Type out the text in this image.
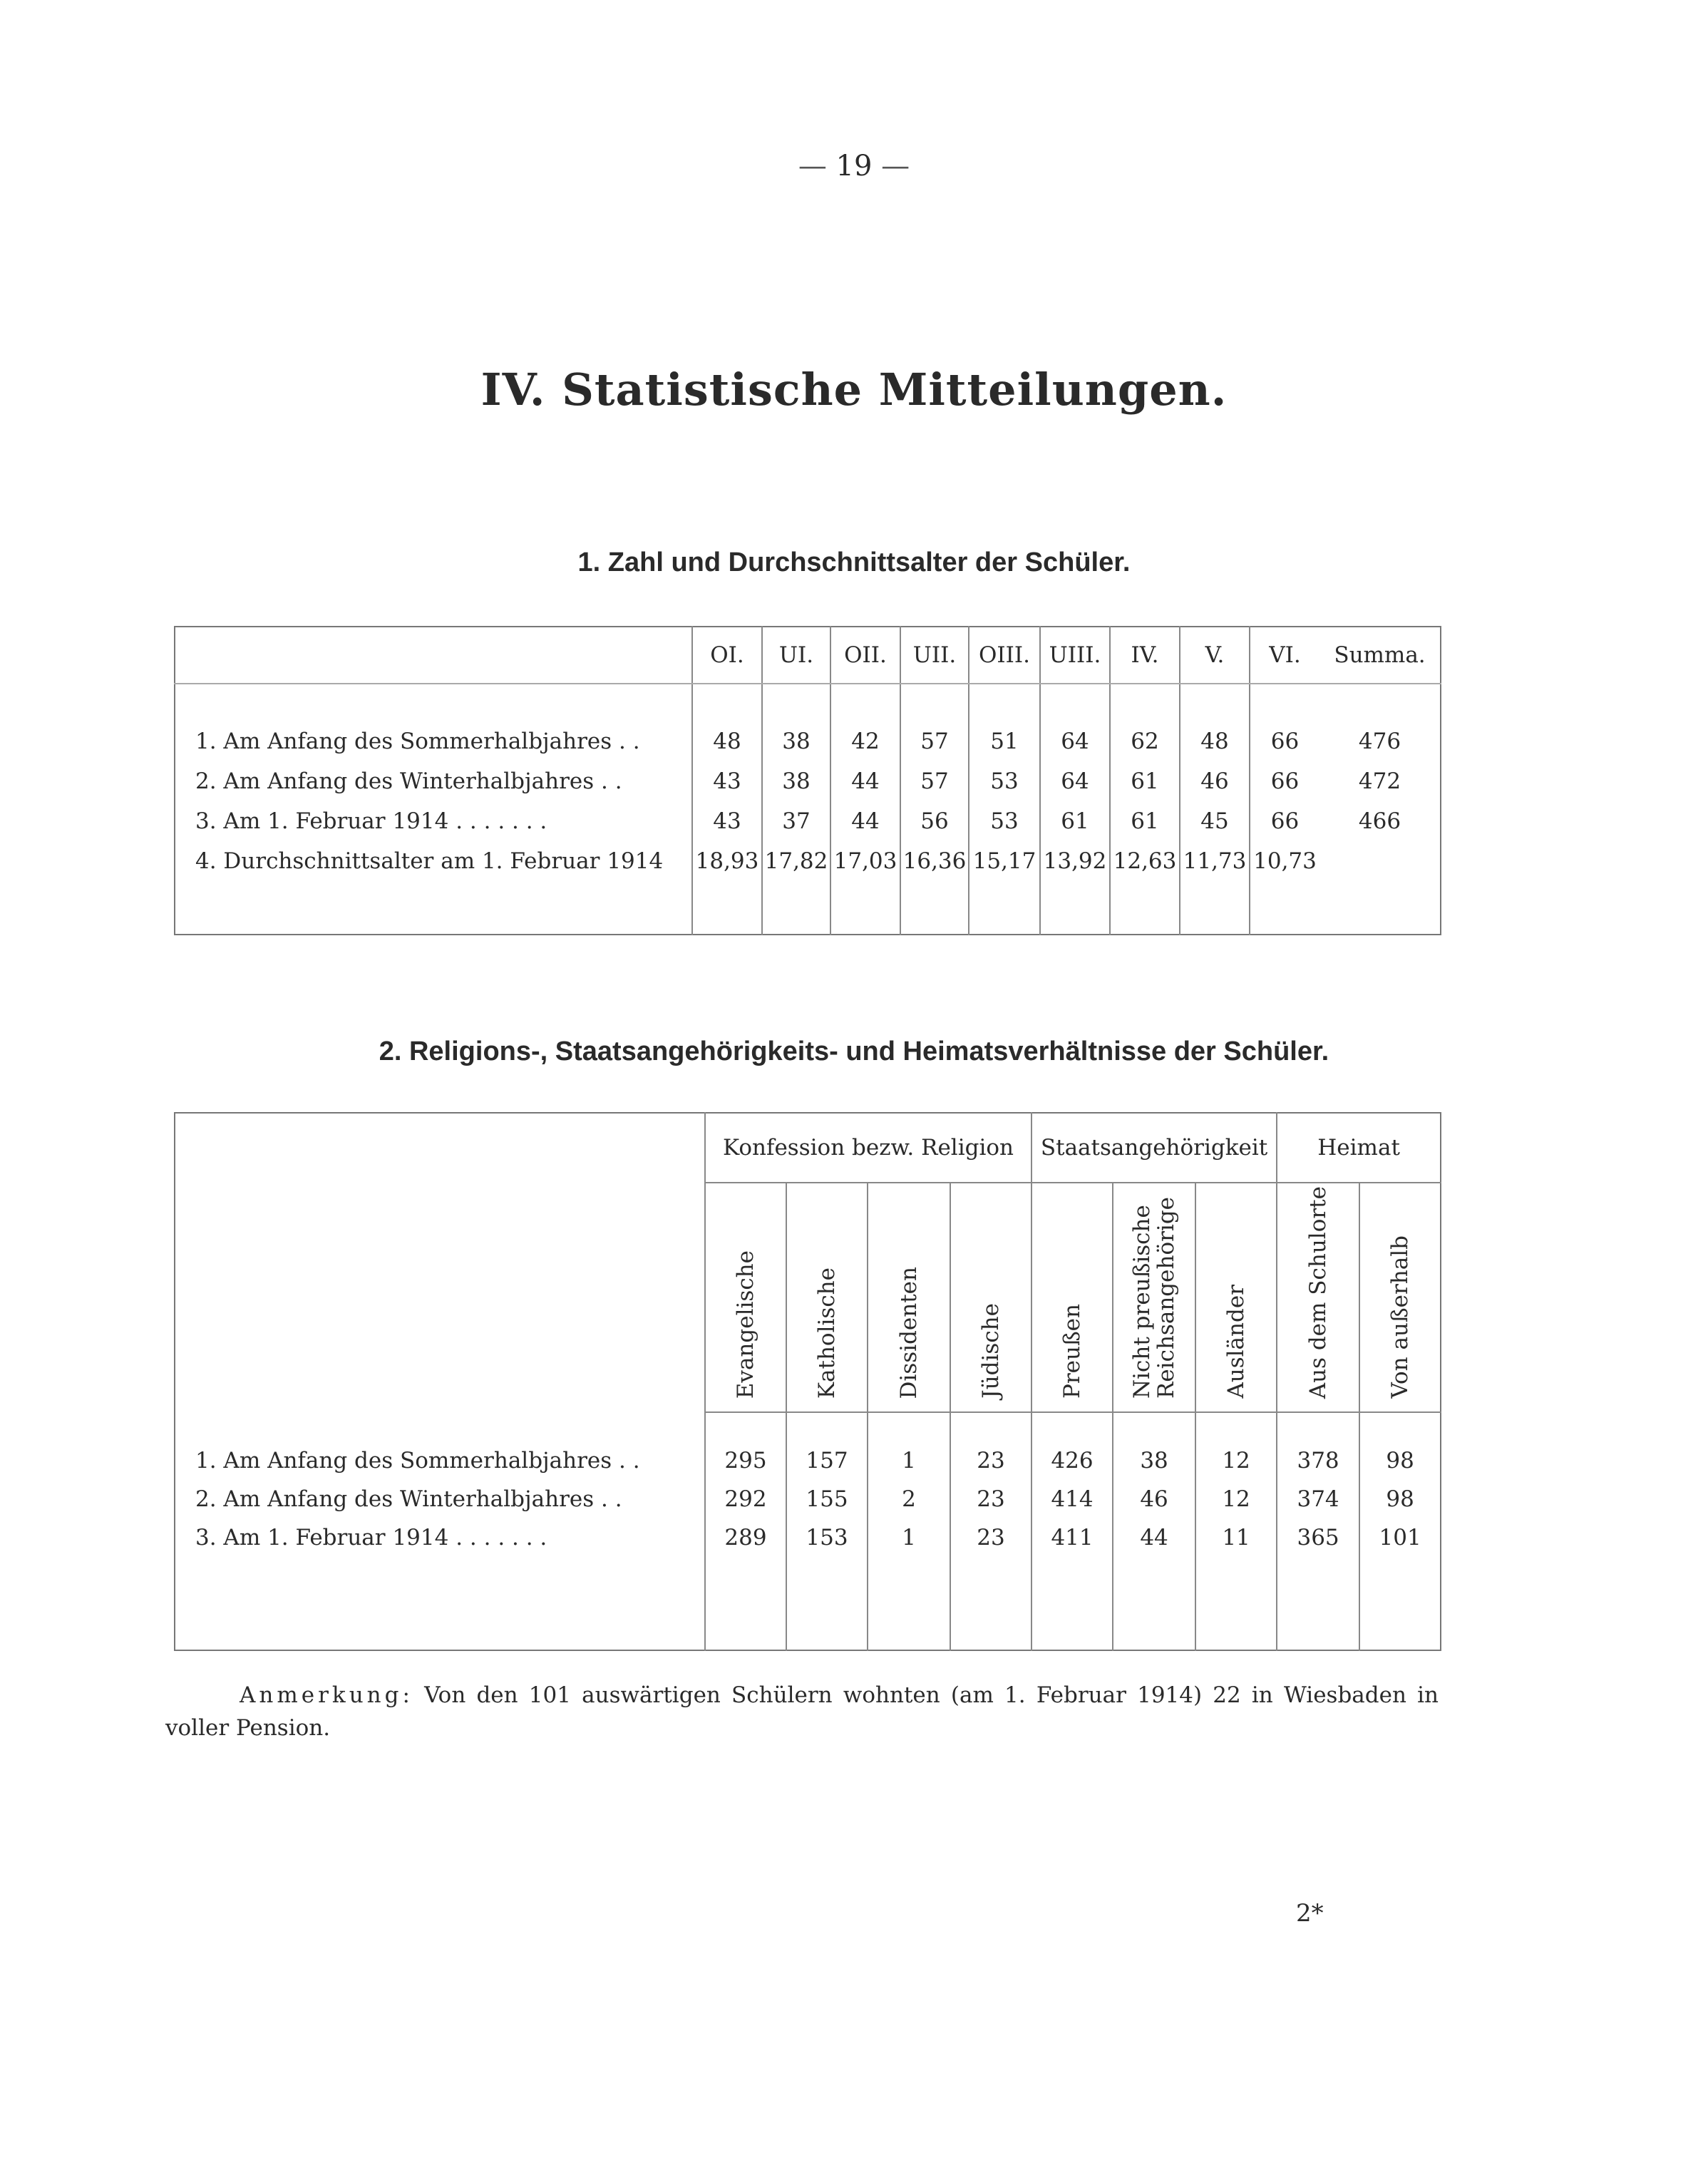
— 19 —
IV. Statistische Mitteilungen.
1. Zahl und Durchschnittsalter der Schüler.
	OI.	UI.	OII.	UII.	OIII.	UIII.	IV.	V.	VI.	Summa.

1. Am Anfang des Sommerhalbjahres . .	48	38	42	57	51	64	62	48	66	476
2. Am Anfang des Winterhalbjahres . .	43	38	44	57	53	64	61	46	66	472
3. Am 1. Februar 1914 . . . . . . .	43	37	44	56	53	61	61	45	66	466
4. Durchschnittsalter am 1. Februar 1914	18,93	17,82	17,03	16,36	15,17	13,92	12,63	11,73	10,73	

2. Religions-, Staatsangehörigkeits- und Heimatsverhältnisse der Schüler.
	Konfession bezw. Religion				Staatsangehörigkeit			Heimat	
	Evangelische	Katholische	Dissidenten	Jüdische	Preußen	Nicht preußische Reichsangehörige	Ausländer	Aus dem Schulorte	Von außerhalb

1. Am Anfang des Sommerhalbjahres . .	295	157	1	23	426	38	12	378	98
2. Am Anfang des Winterhalbjahres . .	292	155	2	23	414	46	12	374	98
3. Am 1. Februar 1914 . . . . . . .	289	153	1	23	411	44	11	365	101

Anmerkung: Von den 101 auswärtigen Schülern wohnten (am 1. Februar 1914) 22 in Wiesbaden in voller Pension.
2*
